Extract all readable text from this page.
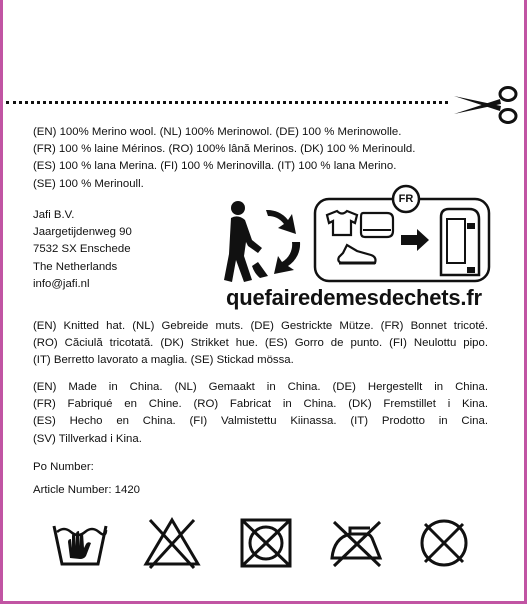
(EN) 100% Merino wool. (NL) 100% Merinowol. (DE) 100 % Merinowolle.
(FR) 100 % laine Mérinos. (RO) 100% lână Merinos. (DK) 100 % Merinould.
(ES) 100 % lana Merina. (FI) 100 % Merinovilla. (IT) 100 % lana Merino.
(SE) 100 % Merinoull.
Jafi B.V.
Jaargetijdenweg 90
7532 SX Enschede
The Netherlands
info@jafi.nl
FR
quefairedemesdechets.fr
(EN) Knitted hat. (NL) Gebreide muts. (DE) Gestrickte Mütze. (FR) Bonnet tricoté.
(RO) Căciulă tricotată. (DK) Strikket hue. (ES) Gorro de punto. (FI) Neulottu pipo.
(IT) Berretto lavorato a maglia. (SE) Stickad mössa.
(EN) Made in China. (NL) Gemaakt in China. (DE) Hergestellt in China.
(FR) Fabriqué en Chine. (RO) Fabricat in China. (DK) Fremstillet i Kina.
(ES) Hecho en China. (FI) Valmistettu Kiinassa. (IT) Prodotto in Cina.
(SV) Tillverkad i Kina.
Po Number:
Article Number: 1420
